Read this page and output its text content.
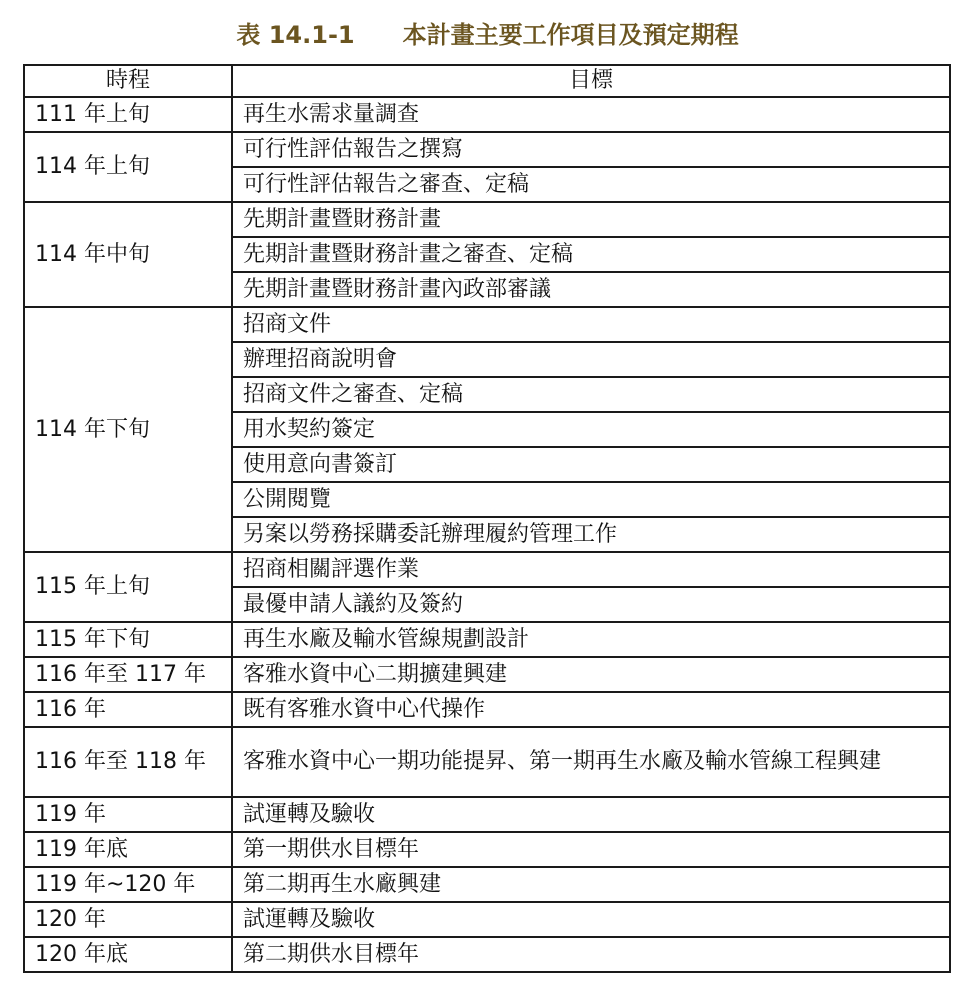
表 14.1-1 本計畫主要工作項目及預定期程
時程	目標
111 年上旬	再生水需求量調查
114 年上旬	可行性評估報告之撰寫
	可行性評估報告之審查、定稿
114 年中旬	先期計畫暨財務計畫
	先期計畫暨財務計畫之審查、定稿
	先期計畫暨財務計畫內政部審議
114 年下旬	招商文件
	辦理招商說明會
	招商文件之審查、定稿
	用水契約簽定
	使用意向書簽訂
	公開閱覽
	另案以勞務採購委託辦理履約管理工作
115 年上旬	招商相關評選作業
	最優申請人議約及簽約
115 年下旬	再生水廠及輸水管線規劃設計
116 年至 117 年	客雅水資中心二期擴建興建
116 年	既有客雅水資中心代操作
116 年至 118 年	客雅水資中心一期功能提昇、第一期再生水廠及輸水管線工程興建
119 年	試運轉及驗收
119 年底	第一期供水目標年
119 年~120 年	第二期再生水廠興建
120 年	試運轉及驗收
120 年底	第二期供水目標年
